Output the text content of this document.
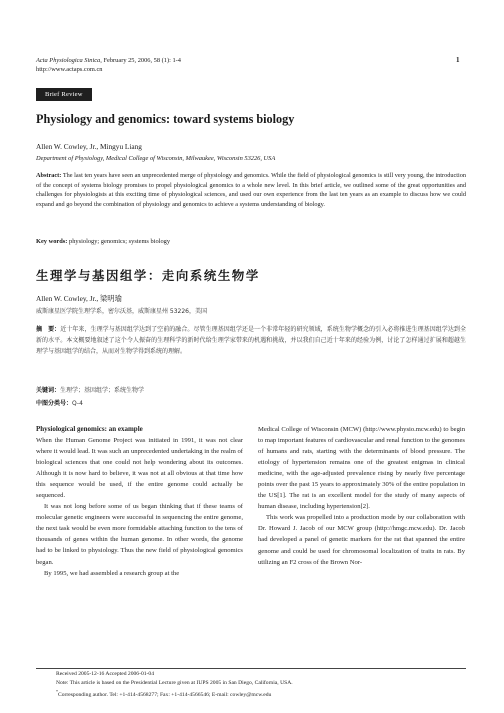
Acta Physiologica Sinica, February 25, 2006, 58 (1): 1-4
http://www.actaps.com.cn
1
Brief Review
Physiology and genomics: toward systems biology
Allen W. Cowley, Jr., Mingyu Liang
Department of Physiology, Medical College of Wisconsin, Milwaukee, Wisconsin 53226, USA
Abstract: The last ten years have seen an unprecedented merge of physiology and genomics. While the field of physiological genomics is still very young, the introduction of the concept of systems biology promises to propel physiological genomics to a whole new level. In this brief article, we outlined some of the great opportunities and challenges for physiologists at this exciting time of physiological sciences, and used our own experience from the last ten years as an example to discuss how we could expand and go beyond the combination of physiology and genomics to achieve a systems understanding of biology.
Key words: physiology; genomics; systems biology
生理学与基因组学：走向系统生物学
Allen W. Cowley, Jr., 梁明瑜
威斯康星医学院生理学系，密尔沃基，威斯康星州 53226，美国
摘　要：近十年来，生理学与基因组学达到了空前的融合。尽管生理基因组学还是一个非常年轻的研究领域，系统生物学概念的引入必将推进生理基因组学达到全新的水平。本文概要地叙述了这个令人振奋的生理科学的新时代给生理学家带来的机遇和挑战，并以我们自己近十年来的经验为例，讨论了怎样通过扩展和超越生理学与基因组学的结合，从而对生物学得到系统的理解。
关键词：生理学；基因组学；系统生物学
中图分类号：Q-4
Physiological genomics: an example

When the Human Genome Project was initiated in 1991, it was not clear where it would lead. It was such an unprecedented undertaking in the realm of biological sciences that one could not help wondering about its outcomes. Although it is now hard to believe, it was not at all obvious at that time how this sequence would be used, if the entire genome could actually be sequenced.

It was not long before some of us began thinking that if these teams of molecular genetic engineers were successful in sequencing the entire genome, the next task would be even more formidable attaching function to the tens of thousands of genes within the human genome. In other words, the genome had to be linked to physiology. Thus the new field of physiological genomics began.

By 1995, we had assembled a research group at the

Medical College of Wisconsin (MCW) (http://www.physio.mcw.edu) to begin to map important features of cardiovascular and renal function to the genomes of humans and rats, starting with the determinants of blood pressure. The etiology of hypertension remains one of the greatest enigmas in clinical medicine, with the age-adjusted prevalence rising by nearly five percentage points over the past 15 years to approximately 30% of the entire population in the US[1]. The rat is an excellent model for the study of many aspects of human disease, including hypertension[2].

This work was propelled into a production mode by our collaboration with Dr. Howard J. Jacob of our MCW group (http://hmgc.mcw.edu). Dr. Jacob had developed a panel of genetic markers for the rat that spanned the entire genome and could be used for chromosomal localization of traits in rats. By utilizing an F2 cross of the Brown Nor-

Received 2005-12-16 Accepted 2006-01-04
Note: This article is based on the Presidential Lecture given at IUPS 2005 in San Diego, California, USA.
*Corresponding author. Tel: +1-414-4568277; Fax: +1-414-4566546; E-mail: cowley@mcw.edu
